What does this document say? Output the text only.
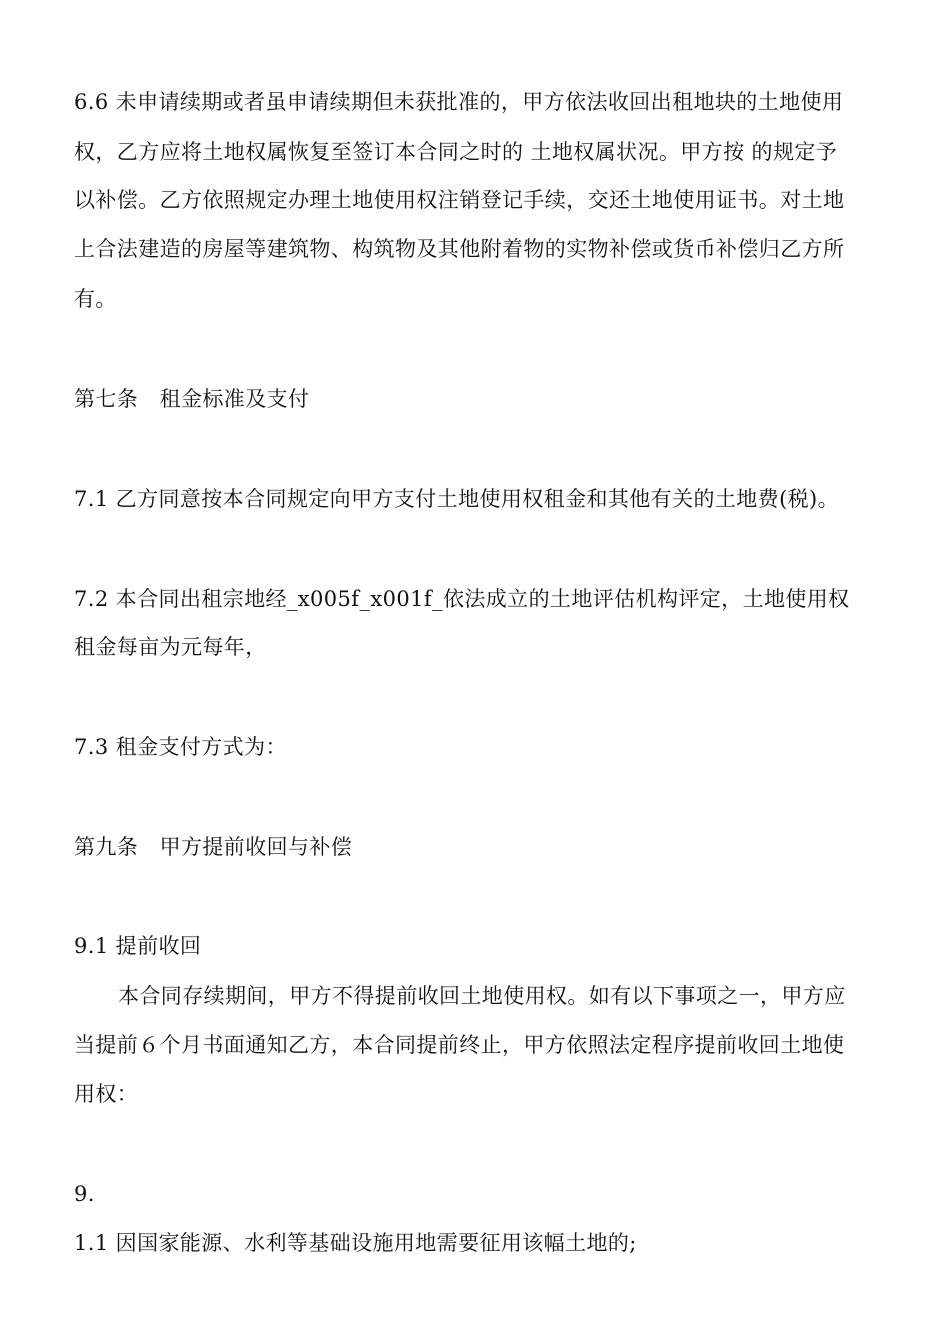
6.6 未申请续期或者虽申请续期但未获批准的，甲方依法收回出租地块的土地使用
权，乙方应将土地权属恢复至签订本合同之时的 土地权属状况。甲方按 的规定予
以补偿。乙方依照规定办理土地使用权注销登记手续，交还土地使用证书。对土地
上合法建造的房屋等建筑物、构筑物及其他附着物的实物补偿或货币补偿归乙方所
有。
第七条　租金标准及支付
7.1 乙方同意按本合同规定向甲方支付土地使用权租金和其他有关的土地费(税)。
7.2 本合同出租宗地经_x005f_x001f_依法成立的土地评估机构评定，土地使用权
租金每亩为元每年，
7.3 租金支付方式为：
第九条　甲方提前收回与补偿
9.1 提前收回
本合同存续期间，甲方不得提前收回土地使用权。如有以下事项之一，甲方应
当提前６个月书面通知乙方，本合同提前终止，甲方依照法定程序提前收回土地使
用权：
9.
1.1 因国家能源、水利等基础设施用地需要征用该幅土地的;
